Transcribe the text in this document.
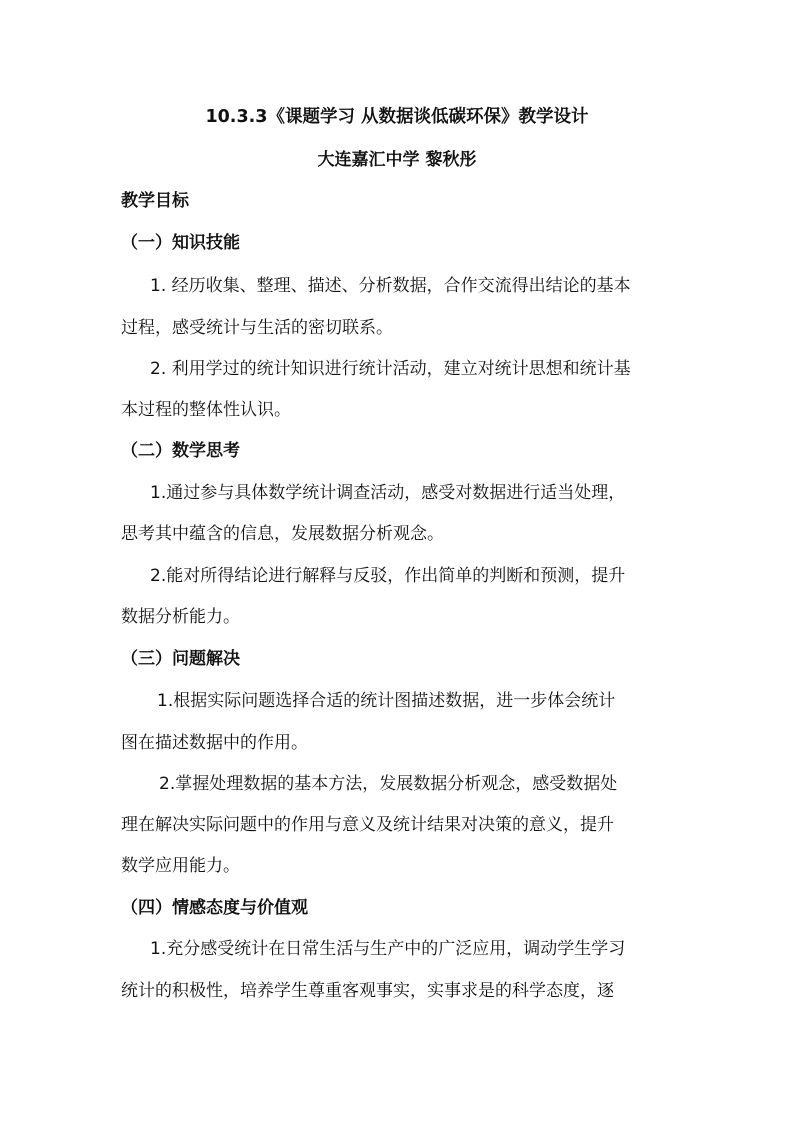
10.3.3《课题学习 从数据谈低碳环保》教学设计
大连嘉汇中学 黎秋彤
教学目标
（一）知识技能
1. 经历收集、整理、描述、分析数据，合作交流得出结论的基本
过程，感受统计与生活的密切联系。
2. 利用学过的统计知识进行统计活动，建立对统计思想和统计基
本过程的整体性认识。
（二）数学思考
1.通过参与具体数学统计调查活动，感受对数据进行适当处理，
思考其中蕴含的信息，发展数据分析观念。
2.能对所得结论进行解释与反驳，作出简单的判断和预测，提升
数据分析能力。
（三）问题解决
1.根据实际问题选择合适的统计图描述数据，进一步体会统计
图在描述数据中的作用。
2.掌握处理数据的基本方法，发展数据分析观念，感受数据处
理在解决实际问题中的作用与意义及统计结果对决策的意义，提升
数学应用能力。
（四）情感态度与价值观
1.充分感受统计在日常生活与生产中的广泛应用，调动学生学习
统计的积极性，培养学生尊重客观事实，实事求是的科学态度，逐
